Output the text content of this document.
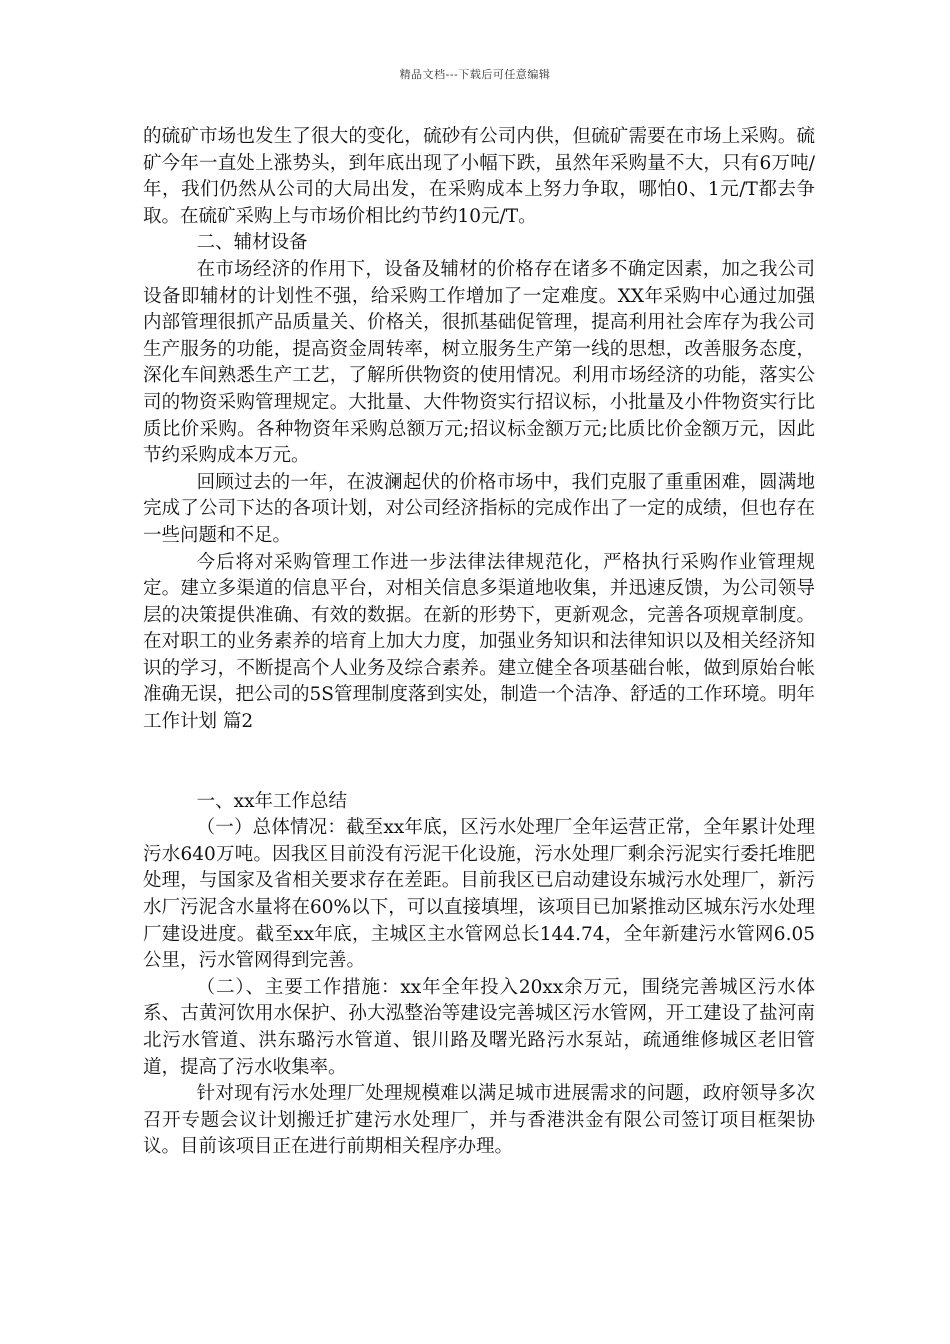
精品文档---下载后可任意编辑

的硫矿市场也发生了很大的变化，硫砂有公司内供，但硫矿需要在市场上采购。硫矿今年一直处上涨势头，到年底出现了小幅下跌，虽然年采购量不大，只有6万吨/年，我们仍然从公司的大局出发，在采购成本上努力争取，哪怕0、1元/T都去争取。在硫矿采购上与市场价相比约节约10元/T。

二、辅材设备

在市场经济的作用下，设备及辅材的价格存在诸多不确定因素，加之我公司设备即辅材的计划性不强，给采购工作增加了一定难度。XX年采购中心通过加强内部管理很抓产品质量关、价格关，很抓基础促管理，提高利用社会库存为我公司生产服务的功能，提高资金周转率，树立服务生产第一线的思想，改善服务态度，深化车间熟悉生产工艺，了解所供物资的使用情况。利用市场经济的功能，落实公司的物资采购管理规定。大批量、大件物资实行招议标，小批量及小件物资实行比质比价采购。各种物资年采购总额万元;招议标金额万元;比质比价金额万元，因此节约采购成本万元。

回顾过去的一年，在波澜起伏的价格市场中，我们克服了重重困难，圆满地完成了公司下达的各项计划，对公司经济指标的完成作出了一定的成绩，但也存在一些问题和不足。

今后将对采购管理工作进一步法律法律规范化，严格执行采购作业管理规定。建立多渠道的信息平台，对相关信息多渠道地收集，并迅速反馈，为公司领导层的决策提供准确、有效的数据。在新的形势下，更新观念，完善各项规章制度。在对职工的业务素养的培育上加大力度，加强业务知识和法律知识以及相关经济知识的学习，不断提高个人业务及综合素养。建立健全各项基础台帐，做到原始台帐准确无误，把公司的5S管理制度落到实处，制造一个洁净、舒适的工作环境。明年工作计划 篇2

一、xx年工作总结

（一）总体情况：截至xx年底，区污水处理厂全年运营正常，全年累计处理污水640万吨。因我区目前没有污泥干化设施，污水处理厂剩余污泥实行委托堆肥处理，与国家及省相关要求存在差距。目前我区已启动建设东城污水处理厂，新污水厂污泥含水量将在60%以下，可以直接填埋，该项目已加紧推动区城东污水处理厂建设进度。截至xx年底，主城区主水管网总长144.74，全年新建污水管网6.05公里，污水管网得到完善。

（二）、主要工作措施：xx年全年投入20xx余万元，围绕完善城区污水体系、古黄河饮用水保护、孙大泓整治等建设完善城区污水管网，开工建设了盐河南北污水管道、洪东璐污水管道、银川路及曙光路污水泵站，疏通维修城区老旧管道，提高了污水收集率。

针对现有污水处理厂处理规模难以满足城市进展需求的问题，政府领导多次召开专题会议计划搬迁扩建污水处理厂，并与香港洪金有限公司签订项目框架协议。目前该项目正在进行前期相关程序办理。
